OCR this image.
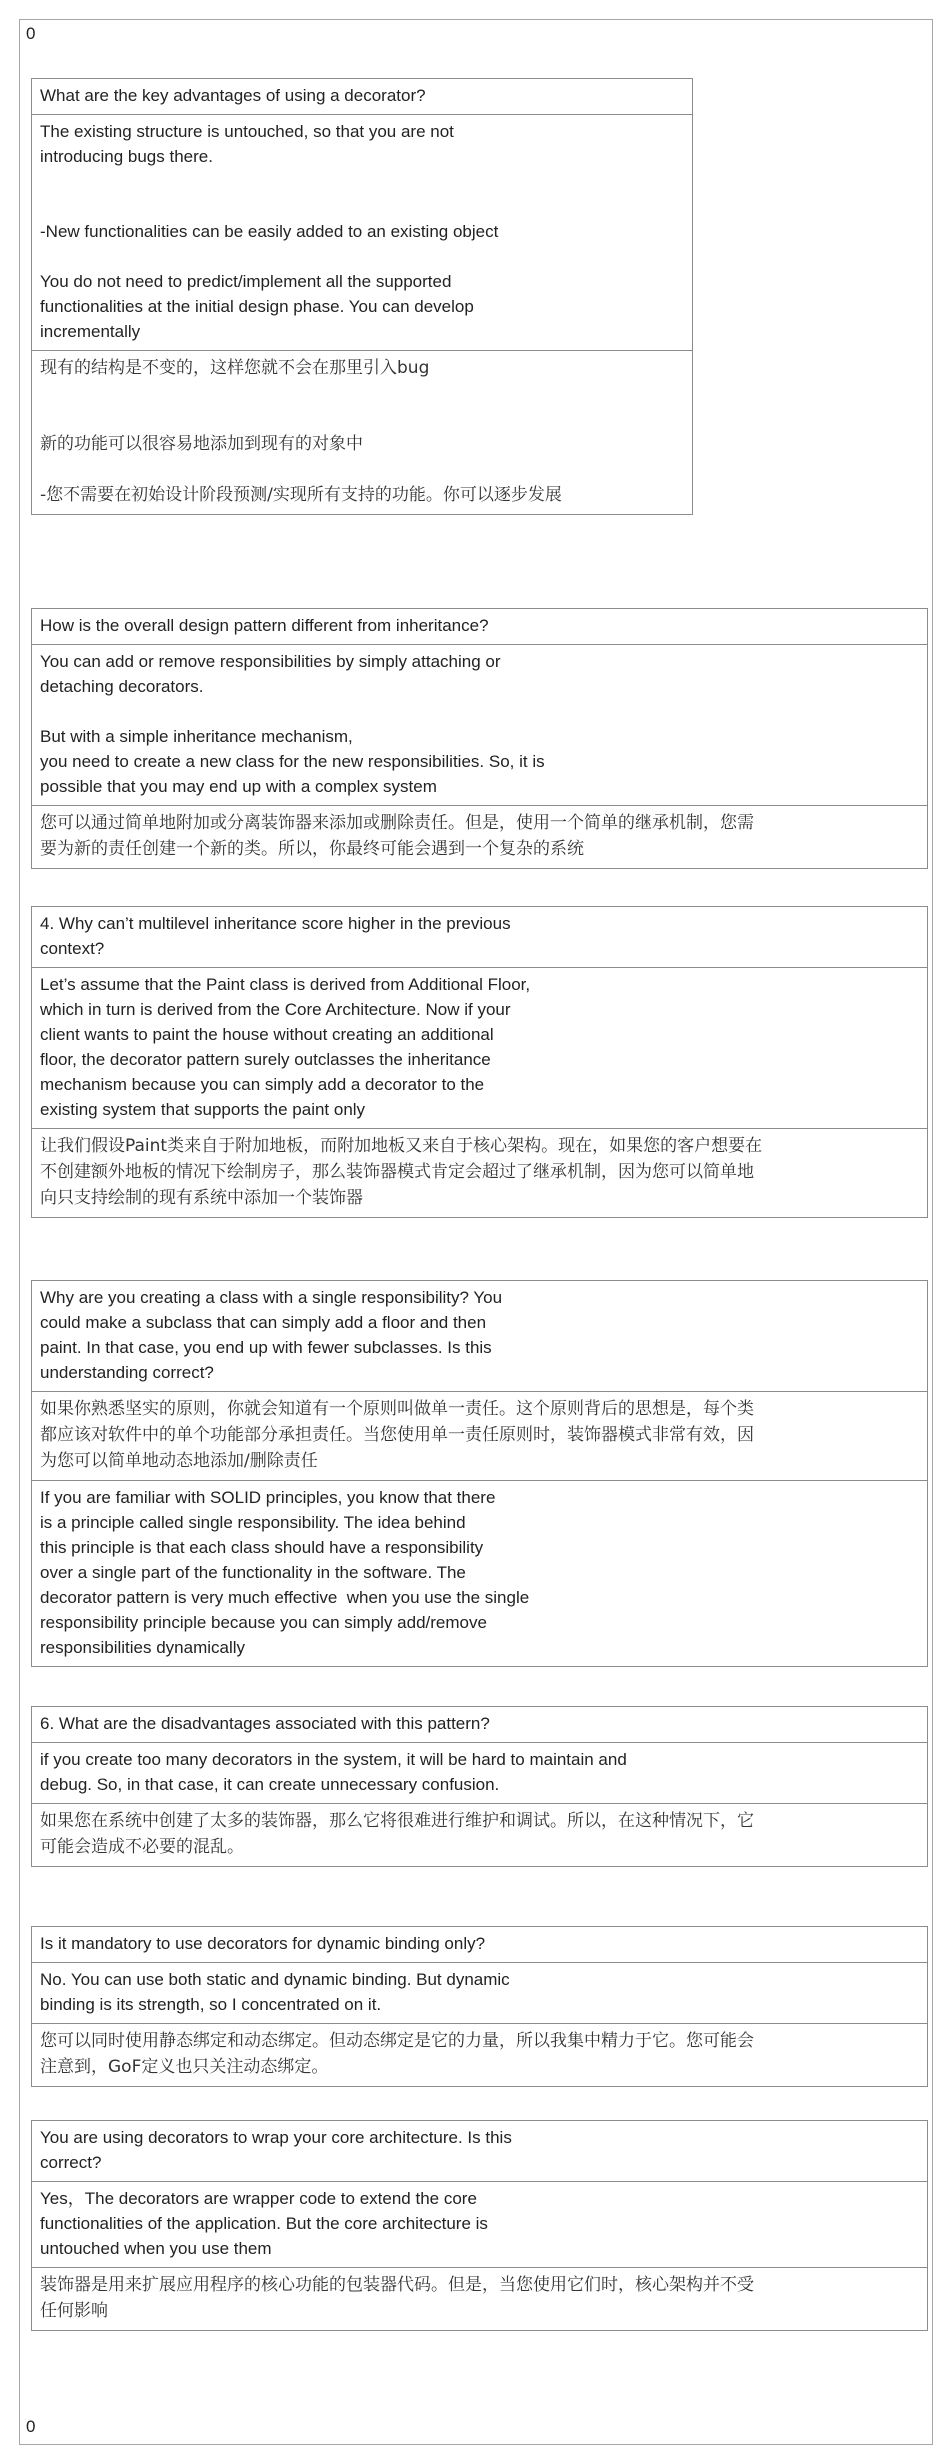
0
0

What are the key advantages of using a decorator?

The existing structure is untouched, so that you are not

introducing bugs there.

-New functionalities can be easily added to an existing object

You do not need to predict/implement all the supported

functionalities at the initial design phase. You can develop

incrementally

现有的结构是不变的，这样您就不会在那里引入bug

新的功能可以很容易地添加到现有的对象中

-您不需要在初始设计阶段预测/实现所有支持的功能。你可以逐步发展

How is the overall design pattern different from inheritance?

You can add or remove responsibilities by simply attaching or

detaching decorators.

But with a simple inheritance mechanism,

you need to create a new class for the new responsibilities. So, it is

possible that you may end up with a complex system

您可以通过简单地附加或分离装饰器来添加或删除责任。但是，使用一个简单的继承机制，您需

要为新的责任创建一个新的类。所以，你最终可能会遇到一个复杂的系统

4. Why can’t multilevel inheritance score higher in the previous

context?

Let’s assume that the Paint class is derived from Additional Floor,

which in turn is derived from the Core Architecture. Now if your

client wants to paint the house without creating an additional

floor, the decorator pattern surely outclasses the inheritance

mechanism because you can simply add a decorator to the

existing system that supports the paint only

让我们假设Paint类来自于附加地板，而附加地板又来自于核心架构。现在，如果您的客户想要在

不创建额外地板的情况下绘制房子，那么装饰器模式肯定会超过了继承机制，因为您可以简单地

向只支持绘制的现有系统中添加一个装饰器

Why are you creating a class with a single responsibility? You

could make a subclass that can simply add a floor and then

paint. In that case, you end up with fewer subclasses. Is this

understanding correct?

如果你熟悉坚实的原则，你就会知道有一个原则叫做单一责任。这个原则背后的思想是，每个类

都应该对软件中的单个功能部分承担责任。当您使用单一责任原则时，装饰器模式非常有效，因

为您可以简单地动态地添加/删除责任

If you are familiar with SOLID principles, you know that there

is a principle called single responsibility. The idea behind

this principle is that each class should have a responsibility

over a single part of the functionality in the software. The

decorator pattern is very much effective  when you use the single

responsibility principle because you can simply add/remove

responsibilities dynamically

6. What are the disadvantages associated with this pattern?

if you create too many decorators in the system, it will be hard to maintain and

debug. So, in that case, it can create unnecessary confusion.

如果您在系统中创建了太多的装饰器，那么它将很难进行维护和调试。所以，在这种情况下，它

可能会造成不必要的混乱。

Is it mandatory to use decorators for dynamic binding only?

No. You can use both static and dynamic binding. But dynamic

binding is its strength, so I concentrated on it.

您可以同时使用静态绑定和动态绑定。但动态绑定是它的力量，所以我集中精力于它。您可能会

注意到，GoF定义也只关注动态绑定。

You are using decorators to wrap your core architecture. Is this

correct?

Yes，The decorators are wrapper code to extend the core

functionalities of the application. But the core architecture is

untouched when you use them

装饰器是用来扩展应用程序的核心功能的包装器代码。但是，当您使用它们时，核心架构并不受

任何影响
